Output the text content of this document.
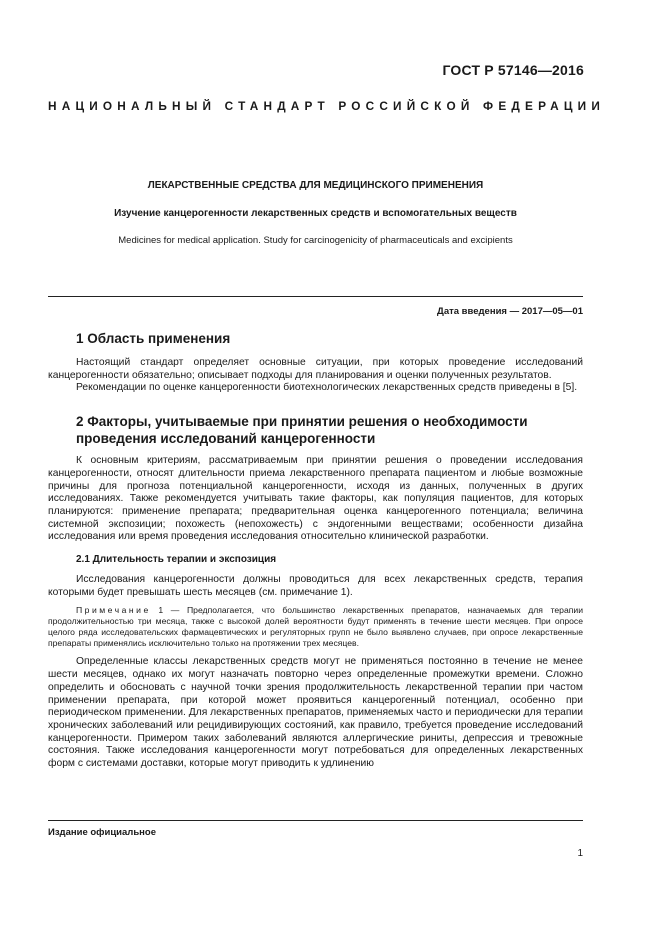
ГОСТ Р 57146—2016
НАЦИОНАЛЬНЫЙ СТАНДАРТ РОССИЙСКОЙ ФЕДЕРАЦИИ
ЛЕКАРСТВЕННЫЕ СРЕДСТВА ДЛЯ МЕДИЦИНСКОГО ПРИМЕНЕНИЯ
Изучение канцерогенности лекарственных средств и вспомогательных веществ
Medicines for medical application. Study for carcinogenicity of pharmaceuticals and excipients
Дата введения — 2017—05—01
1 Область применения

Настоящий стандарт определяет основные ситуации, при которых проведение исследований канцерогенности обязательно; описывает подходы для планирования и оценки полученных результатов.

Рекомендации по оценке канцерогенности биотехнологических лекарственных средств приведены в [5].

2 Факторы, учитываемые при принятии решения о необходимости проведения исследований канцерогенности

К основным критериям, рассматриваемым при принятии решения о проведении исследования канцерогенности, относят длительности приема лекарственного препарата пациентом и любые возможные причины для прогноза потенциальной канцерогенности, исходя из данных, полученных в других исследованиях. Также рекомендуется учитывать такие факторы, как популяция пациентов, для которых планируются: применение препарата; предварительная оценка канцерогенного потенциала; величина системной экспозиции; похожесть (непохожесть) с эндогенными веществами; особенности дизайна исследования или время проведения исследования относительно клинической разработки.

2.1 Длительность терапии и экспозиция

Исследования канцерогенности должны проводиться для всех лекарственных средств, терапия которыми будет превышать шесть месяцев (см. примечание 1).

Примечание 1 — Предполагается, что большинство лекарственных препаратов, назначаемых для терапии продолжительностью три месяца, также с высокой долей вероятности будут применять в течение шести месяцев. При опросе целого ряда исследовательских фармацевтических и регуляторных групп не было выявлено случаев, при опросе лекарственные препараты применялись исключительно только на протяжении трех месяцев.

Определенные классы лекарственных средств могут не применяться постоянно в течение не менее шести месяцев, однако их могут назначать повторно через определенные промежутки времени. Сложно определить и обосновать с научной точки зрения продолжительность лекарственной терапии при частом применении препарата, при которой может проявиться канцерогенный потенциал, особенно при периодическом применении. Для лекарственных препаратов, применяемых часто и периодически для терапии хронических заболеваний или рецидивирующих состояний, как правило, требуется проведение исследований канцерогенности. Примером таких заболеваний являются аллергические риниты, депрессия и тревожные состояния. Также исследования канцерогенности могут потребоваться для определенных лекарственных форм с системами доставки, которые могут приводить к удлинению

Издание официальное
1
